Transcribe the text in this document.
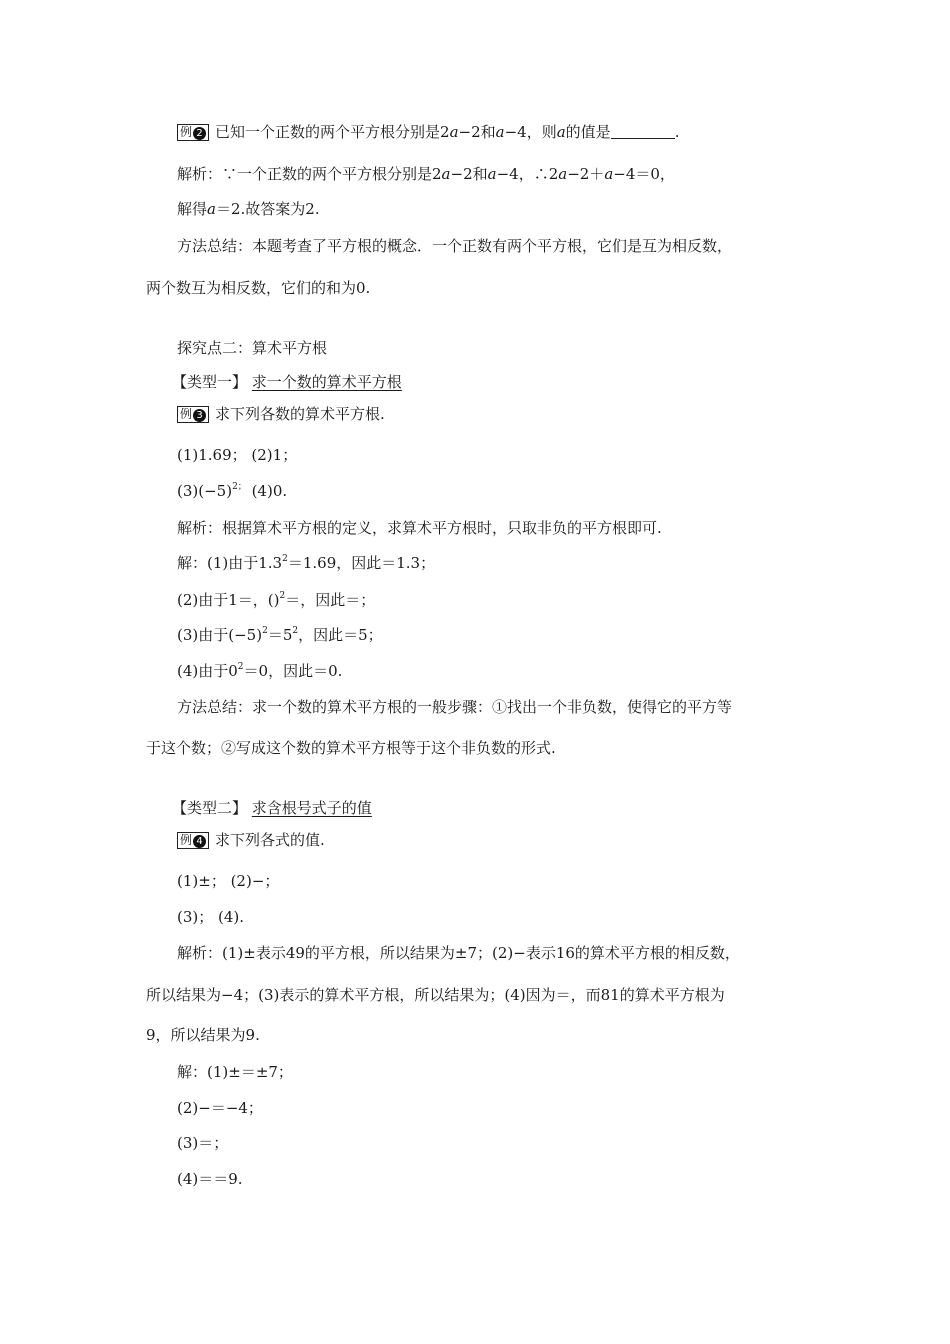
例 2 已知一个正数的两个平方根分别是2a−2和a−4，则a的值是	.
解析：∵一个正数的两个平方根分别是2a−2和a−4，∴2a−2＋a−4＝0，
解得a＝2.故答案为2.
方法总结：本题考查了平方根的概念．一个正数有两个平方根，它们是互为相反数，
两个数互为相反数，它们的和为0.
探究点二：算术平方根
【类型一】 求一个数的算术平方根
例 3 求下列各数的算术平方根.
(1)1.69； (2)1；
$(3)(-5)^{2;}$ (4)0.
解析：根据算术平方根的定义，求算术平方根时，只取非负的平方根即可.
解：(1)由于$1.3^2=1.69$，因此＝1.3；
(2)由于1＝，()$^2$＝，因此＝；
(3)由于$(-5)^2=5^2$，因此＝5；
(4)由于$0^2=0$，因此＝0.
方法总结：求一个数的算术平方根的一般步骤：①找出一个非负数，使得它的平方等
于这个数；②写成这个数的算术平方根等于这个非负数的形式.
【类型二】 求含根号式子的值
例 4 求下列各式的值.
(1)±； (2)−；
(3)； (4).
解析：(1)±表示49的平方根，所以结果为±7；(2)−表示16的算术平方根的相反数，
所以结果为−4；(3)表示的算术平方根，所以结果为；(4)因为＝，而81的算术平方根为
9，所以结果为9.
解：(1)±＝±7；
(2)−＝−4；
(3)＝；
(4)＝＝9.
